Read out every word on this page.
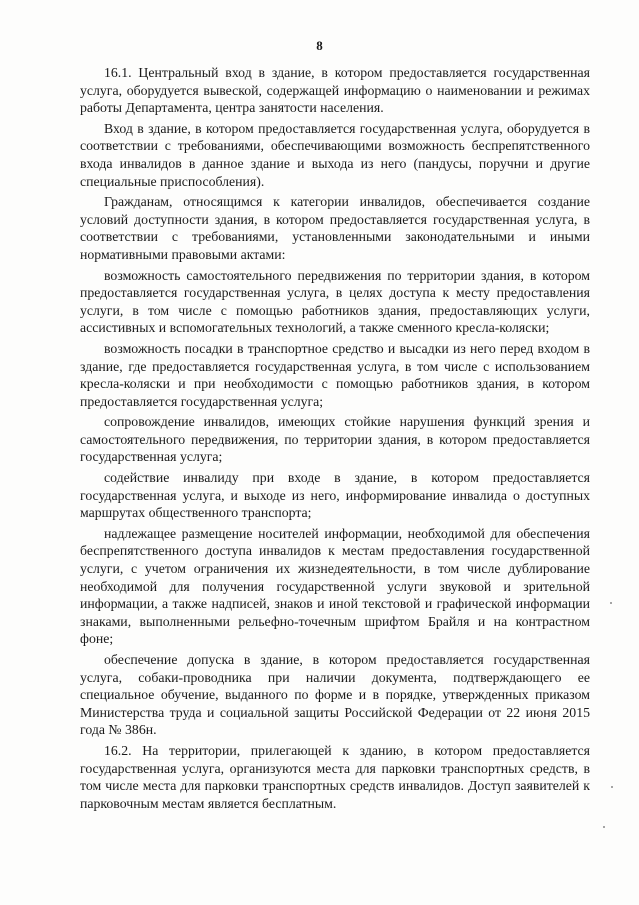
8

16.1. Центральный вход в здание, в котором предоставляется государственная услуга, оборудуется вывеской, содержащей информацию о наименовании и режимах работы Департамента, центра занятости населения.

Вход в здание, в котором предоставляется государственная услуга, оборудуется в соответствии с требованиями, обеспечивающими возможность беспрепятственного входа инвалидов в данное здание и выхода из него (пандусы, поручни и другие специальные приспособления).

Гражданам, относящимся к категории инвалидов, обеспечивается создание условий доступности здания, в котором предоставляется государственная услуга, в соответствии с требованиями, установленными законодательными и иными нормативными правовыми актами:

возможность самостоятельного передвижения по территории здания, в котором предоставляется государственная услуга, в целях доступа к месту предоставления услуги, в том числе с помощью работников здания, предоставляющих услуги, ассистивных и вспомогательных технологий, а также сменного кресла-коляски;

возможность посадки в транспортное средство и высадки из него перед входом в здание, где предоставляется государственная услуга, в том числе с использованием кресла-коляски и при необходимости с помощью работников здания, в котором предоставляется государственная услуга;

сопровождение инвалидов, имеющих стойкие нарушения функций зрения и самостоятельного передвижения, по территории здания, в котором предоставляется государственная услуга;

содействие инвалиду при входе в здание, в котором предоставляется государственная услуга, и выходе из него, информирование инвалида о доступных маршрутах общественного транспорта;

надлежащее размещение носителей информации, необходимой для обеспечения беспрепятственного доступа инвалидов к местам предоставления государственной услуги, с учетом ограничения их жизнедеятельности, в том числе дублирование необходимой для получения государственной услуги звуковой и зрительной информации, а также надписей, знаков и иной текстовой и графической информации знаками, выполненными рельефно-точечным шрифтом Брайля и на контрастном фоне;

обеспечение допуска в здание, в котором предоставляется государственная услуга, собаки-проводника при наличии документа, подтверждающего ее специальное обучение, выданного по форме и в порядке, утвержденных приказом Министерства труда и социальной защиты Российской Федерации от 22 июня 2015 года № 386н.

16.2. На территории, прилегающей к зданию, в котором предоставляется государственная услуга, организуются места для парковки транспортных средств, в том числе места для парковки транспортных средств инвалидов. Доступ заявителей к парковочным местам является бесплатным.
